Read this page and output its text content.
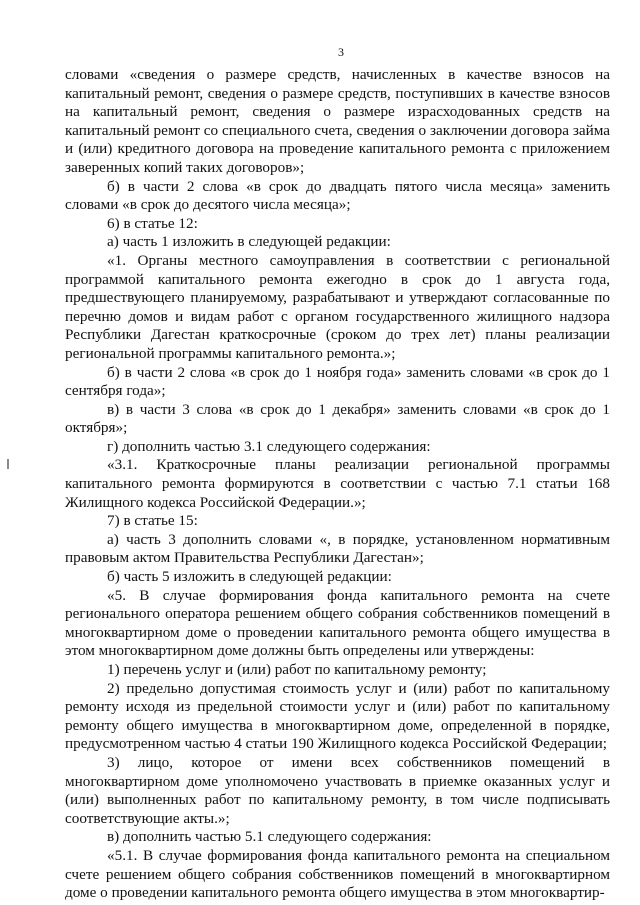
3

словами «сведения о размере средств, начисленных в качестве взносов на капитальный ремонт, сведения о размере средств, поступивших в качестве взносов на капитальный ремонт, сведения о размере израсходованных средств на капитальный ремонт со специального счета, сведения о заключении договора займа и (или) кредитного договора на проведение капитального ремонта с приложением заверенных копий таких договоров»;

б) в части 2 слова «в срок до двадцать пятого числа месяца» заменить словами «в срок до десятого числа месяца»;

6) в статье 12:

а) часть 1 изложить в следующей редакции:

«1. Органы местного самоуправления в соответствии с региональной программой капитального ремонта ежегодно в срок до 1 августа года, предшествующего планируемому, разрабатывают и утверждают согласованные по перечню домов и видам работ с органом государственного жилищного надзора Республики Дагестан краткосрочные (сроком до трех лет) планы реализации региональной программы капитального ремонта.»;

б) в части 2 слова «в срок до 1 ноября года» заменить словами «в срок до 1 сентября года»;

в) в части 3 слова «в срок до 1 декабря» заменить словами «в срок до 1 октября»;

г) дополнить частью 3.1 следующего содержания:

«3.1. Краткосрочные планы реализации региональной программы капитального ремонта формируются в соответствии с частью 7.1 статьи 168 Жилищного кодекса Российской Федерации.»;

7) в статье 15:

а) часть 3 дополнить словами «, в порядке, установленном нормативным правовым актом Правительства Республики Дагестан»;

б) часть 5 изложить в следующей редакции:

«5. В случае формирования фонда капитального ремонта на счете регионального оператора решением общего собрания собственников помещений в многоквартирном доме о проведении капитального ремонта общего имущества в этом многоквартирном доме должны быть определены или утверждены:

1) перечень услуг и (или) работ по капитальному ремонту;

2) предельно допустимая стоимость услуг и (или) работ по капитальному ремонту исходя из предельной стоимости услуг и (или) работ по капитальному ремонту общего имущества в многоквартирном доме, определенной в порядке, предусмотренном частью 4 статьи 190 Жилищного кодекса Российской Федерации;

3) лицо, которое от имени всех собственников помещений в многоквартирном доме уполномочено участвовать в приемке оказанных услуг и (или) выполненных работ по капитальному ремонту, в том числе подписывать соответствующие акты.»;

в) дополнить частью 5.1 следующего содержания:

«5.1. В случае формирования фонда капитального ремонта на специальном счете решением общего собрания собственников помещений в многоквартирном доме о проведении капитального ремонта общего имущества в этом многоквартир-
